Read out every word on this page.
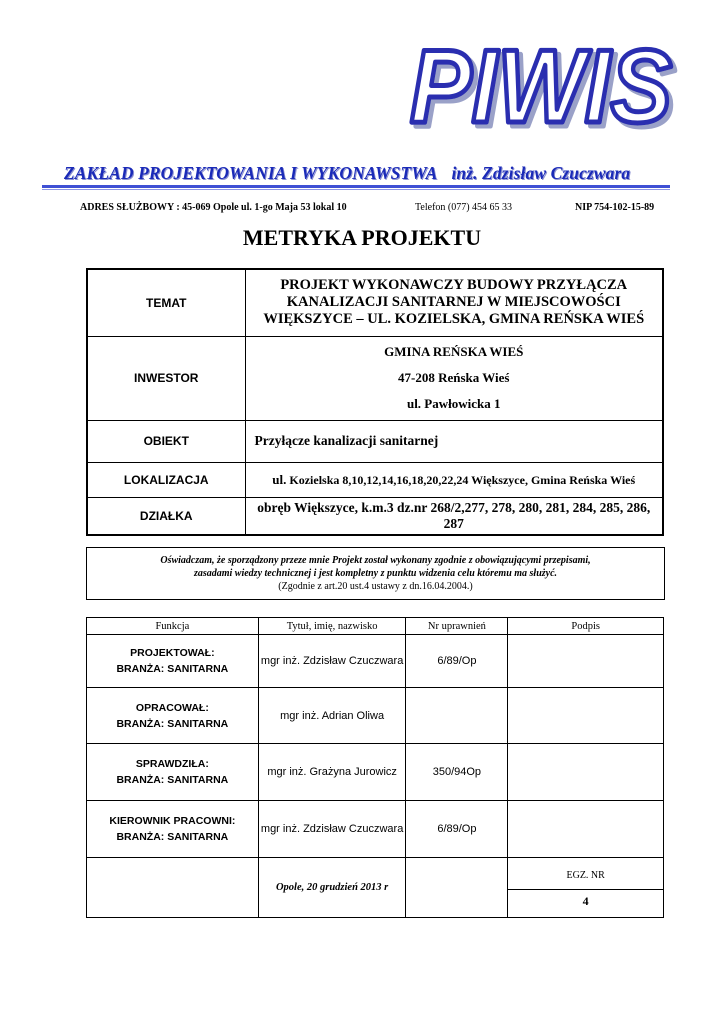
PIWIS
ZAKŁAD PROJEKTOWANIA I WYKONAWSTWA inż. Zdzisław Czuczwara
ADRES SŁUŻBOWY : 45-069 Opole ul. 1-go Maja 53 lokal 10	Telefon (077) 454 65 33	NIP 754-102-15-89
METRYKA PROJEKTU
TEMAT	PROJEKT WYKONAWCZY BUDOWY PRZYŁĄCZA
KANALIZACJI SANITARNEJ W MIEJSCOWOŚCI
WIĘKSZYCE – UL. KOZIELSKA, GMINA REŃSKA WIEŚ

INWESTOR	GMINA REŃSKA WIEŚ
47-208 Reńska Wieś
ul. Pawłowicka 1

OBIEKT	Przyłącze kanalizacji sanitarnej
LOKALIZACJA	ul. Kozielska 8,10,12,14,16,18,20,22,24 Większyce, Gmina Reńska Wieś
DZIAŁKA	obręb Większyce, k.m.3 dz.nr 268/2,277, 278, 280, 281, 284, 285, 286, 287
Oświadczam, że sporządzony przeze mnie Projekt został wykonany zgodnie z obowiązującymi przepisami,
zasadami wiedzy technicznej i jest kompletny z punktu widzenia celu któremu ma służyć.
(Zgodnie z art.20 ust.4 ustawy z dn.16.04.2004.)
Funkcja	Tytuł, imię, nazwisko	Nr uprawnień	Podpis

PROJEKTOWAŁ:
BRANŻA: SANITARNA	mgr inż. Zdzisław Czuczwara	6/89/Op	

OPRACOWAŁ:
BRANŻA: SANITARNA	mgr inż. Adrian Oliwa		

SPRAWDZIŁA:
BRANŻA: SANITARNA	mgr inż. Grażyna Jurowicz	350/94Op	

KIEROWNIK PRACOWNI:
BRANŻA: SANITARNA	mgr inż. Zdzisław Czuczwara	6/89/Op	
	Opole, 20 grudzień 2013 r		EGZ. NR
4
